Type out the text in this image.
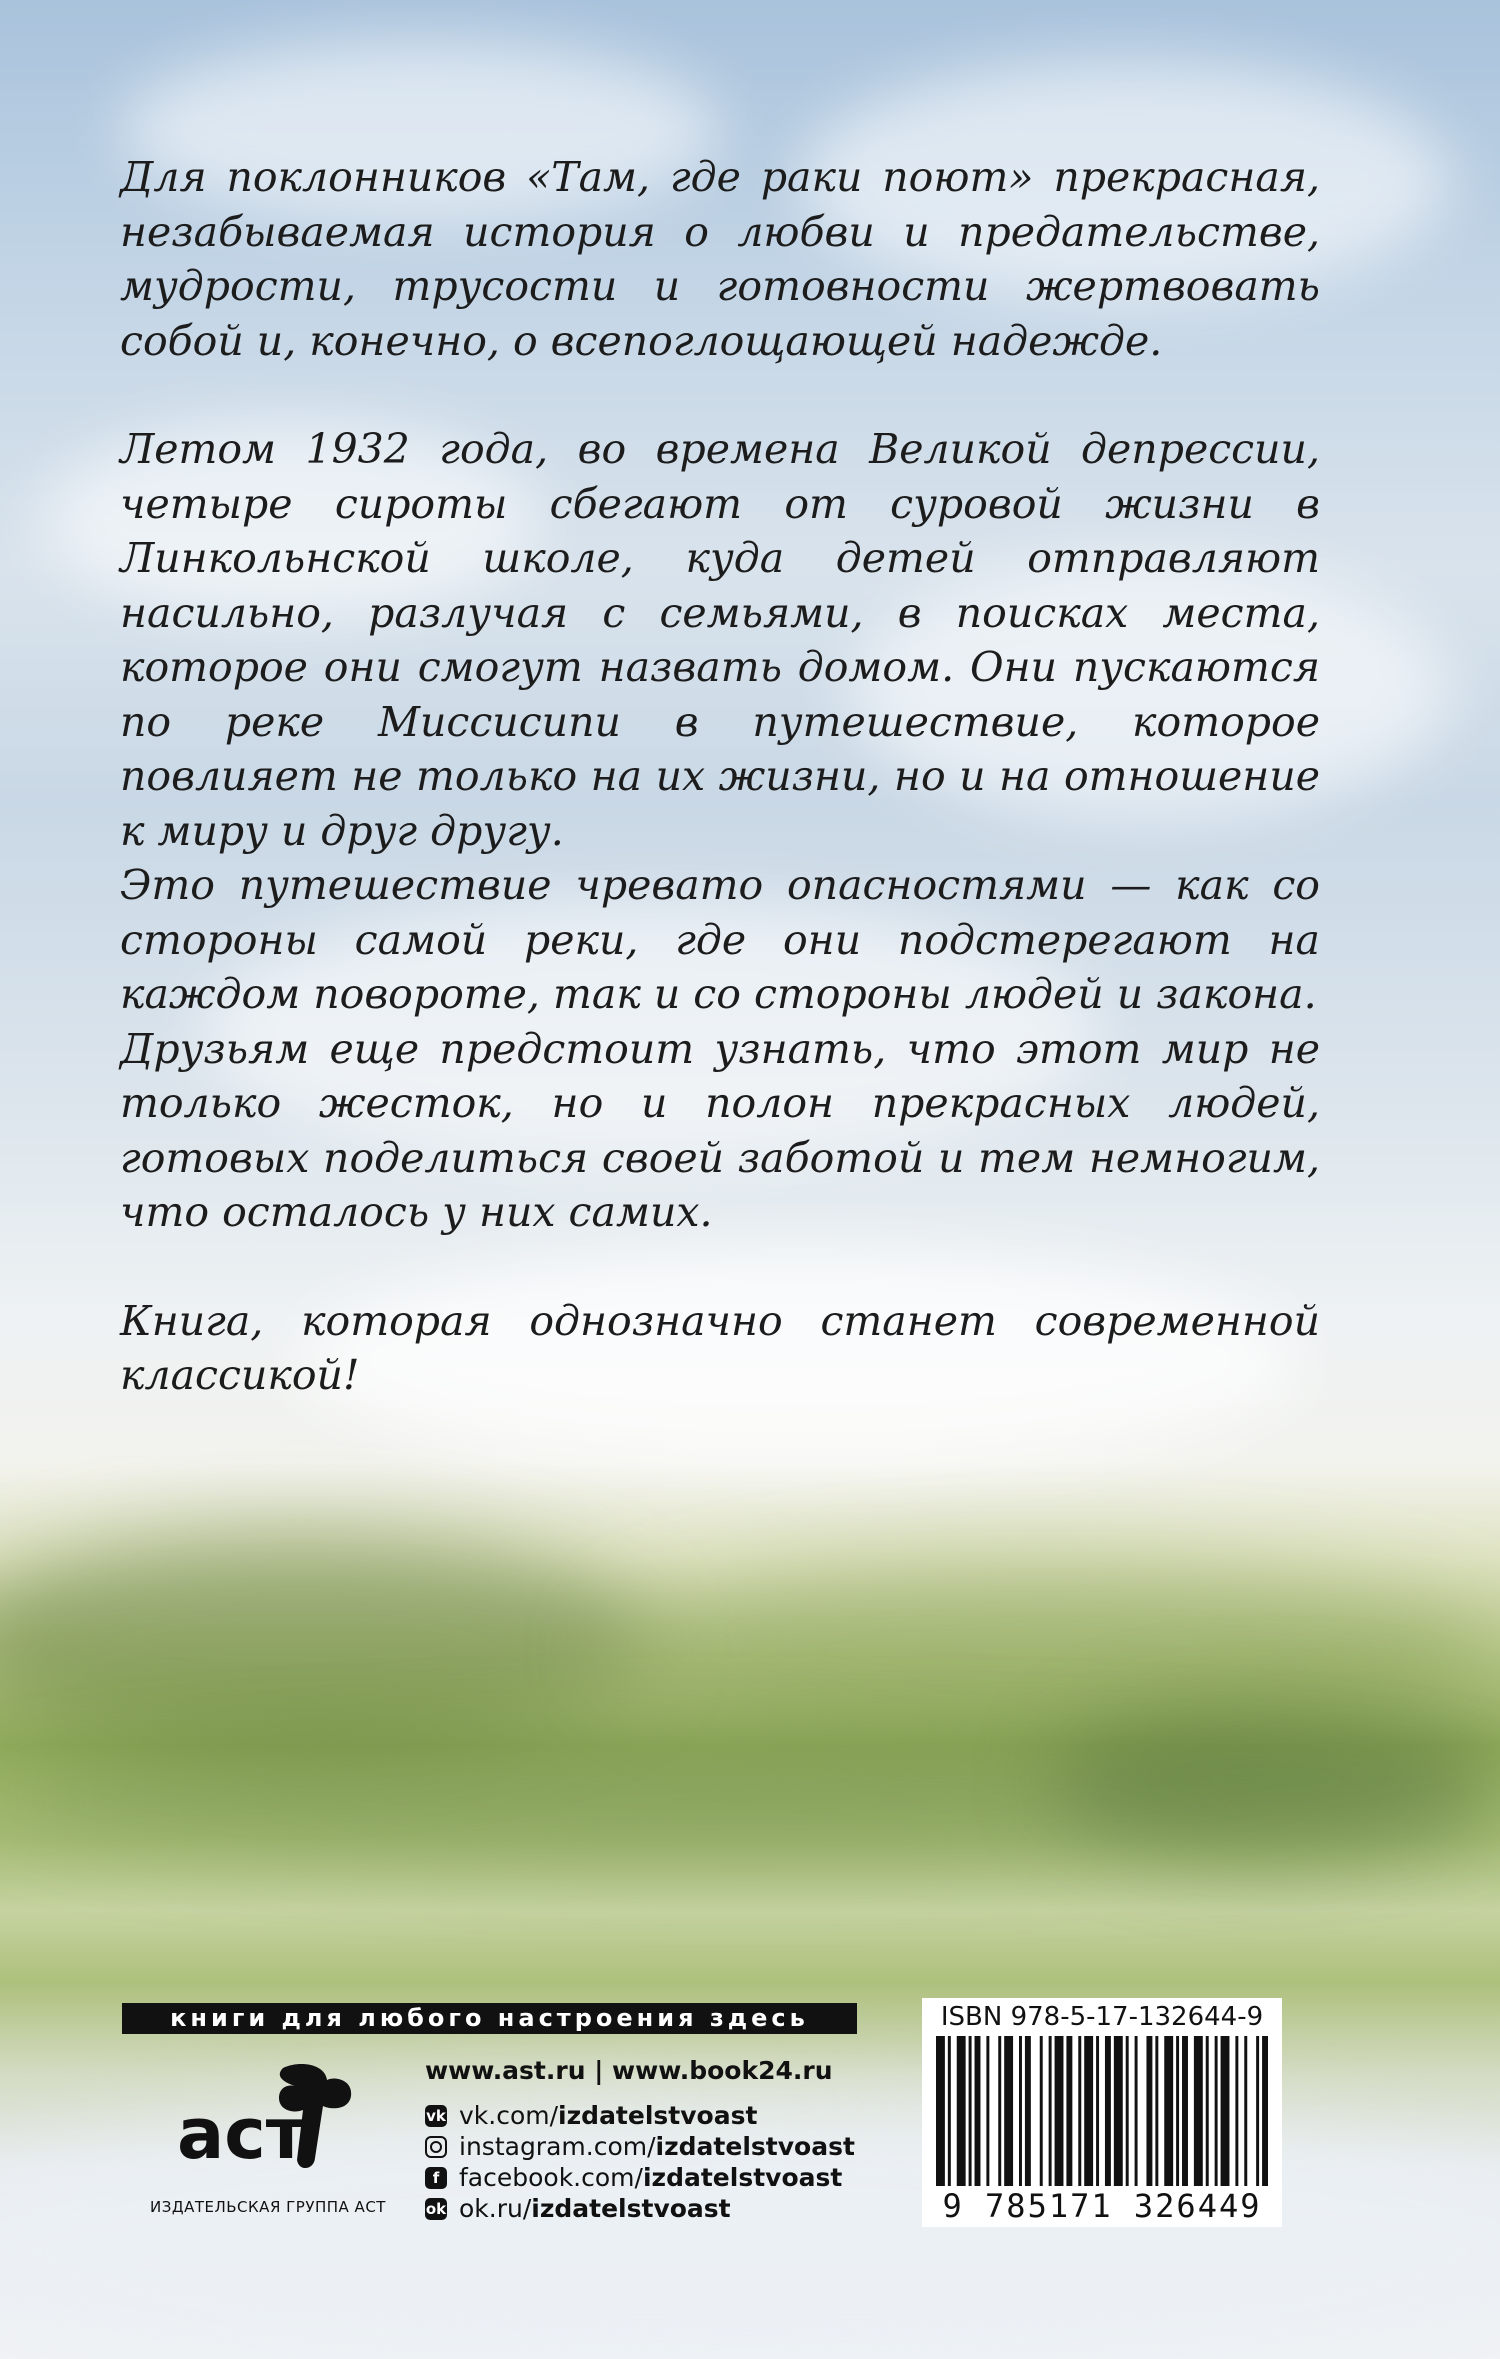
Для поклонников «Там, где раки поют» прекрасная, незабываемая история о любви и предательстве, мудрости, трусости и готовности жертвовать собой и, конечно, о всепоглощающей надежде.

Летом 1932 года, во времена Великой депрессии, четыре сироты сбегают от суровой жизни в Линкольнской школе, куда детей отправляют насильно, разлучая с семьями, в поисках места, которое они смогут назвать домом. Они пускаются по реке Миссисипи в путешествие, которое повлияет не только на их жизни, но и на отношение к миру и друг другу.

Это путешествие чревато опасностями — как со стороны самой реки, где они подстерегают на каждом повороте, так и со стороны людей и закона.

Друзьям еще предстоит узнать, что этот мир не только жесток, но и полон прекрасных людей, готовых поделиться своей заботой и тем немногим, что осталось у них самих.

Книга, которая однозначно станет современной классикой!

книги для любого настроения здесь
аст
ИЗДАТЕЛЬСКАЯ ГРУППА АСТ
www.ast.ru | www.book24.ru
vk vk.com/ izdatelstvoast
instagram.com/ izdatelstvoast
f facebook.com/ izdatelstvoast
ok ok.ru/ izdatelstvoast
ISBN 978-5-17-132644-9
9 785171 326449
